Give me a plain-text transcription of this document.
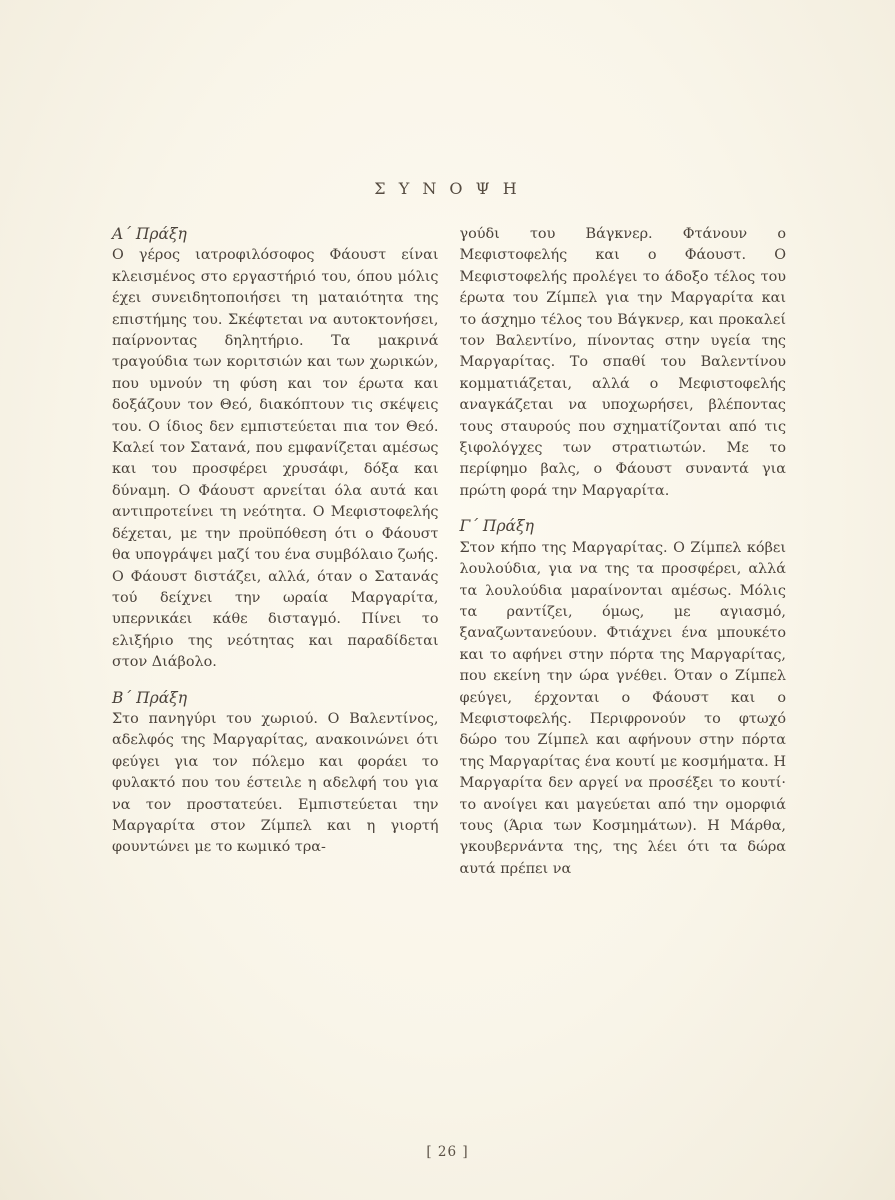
Σ Υ Ν Ο Ψ Η
Α´ Πράξη

Ο γέρος ιατροφιλόσοφος Φάουστ είναι κλεισμένος στο εργαστήριό του, όπου μόλις έχει συνειδητοποιήσει τη ματαιότητα της επιστήμης του. Σκέφτεται να αυτοκτονήσει, παίρνοντας δηλητήριο. Τα μακρινά τραγούδια των κοριτσιών και των χωρικών, που υμνούν τη φύση και τον έρωτα και δοξάζουν τον Θεό, διακόπτουν τις σκέψεις του. Ο ίδιος δεν εμπιστεύεται πια τον Θεό. Καλεί τον Σατανά, που εμφανίζεται αμέσως και του προσφέρει χρυσάφι, δόξα και δύναμη. Ο Φάουστ αρνείται όλα αυτά και αντιπροτείνει τη νεότητα. Ο Μεφιστοφελής δέχεται, με την προϋπόθεση ότι ο Φάουστ θα υπογράψει μαζί του ένα συμβόλαιο ζωής. Ο Φάουστ διστάζει, αλλά, όταν ο Σατανάς τού δείχνει την ωραία Μαργαρίτα, υπερνικάει κάθε δισταγμό. Πίνει το ελιξήριο της νεότητας και παραδίδεται στον Διάβολο.

Β´ Πράξη

Στο πανηγύρι του χωριού. Ο Βαλεντίνος, αδελφός της Μαργαρίτας, ανακοινώνει ότι φεύγει για τον πόλεμο και φοράει το φυλακτό που του έστειλε η αδελφή του για να τον προστατεύει. Εμπιστεύεται την Μαργαρίτα στον Ζίμπελ και η γιορτή φουντώνει με το κωμικό τρα-

γούδι του Βάγκνερ. Φτάνουν ο Μεφιστοφελής και ο Φάουστ. Ο Μεφιστοφελής προλέγει το άδοξο τέλος του έρωτα του Ζίμπελ για την Μαργαρίτα και το άσχημο τέλος του Βάγκνερ, και προκαλεί τον Βαλεντίνο, πίνοντας στην υγεία της Μαργαρίτας. Το σπαθί του Βαλεντίνου κομματιάζεται, αλλά ο Μεφιστοφελής αναγκάζεται να υποχωρήσει, βλέποντας τους σταυρούς που σχηματίζονται από τις ξιφολόγχες των στρατιωτών. Με το περίφημο βαλς, ο Φάουστ συναντά για πρώτη φορά την Μαργαρίτα.

Γ´ Πράξη

Στον κήπο της Μαργαρίτας. Ο Ζίμπελ κόβει λουλούδια, για να της τα προσφέρει, αλλά τα λουλούδια μαραίνονται αμέσως. Μόλις τα ραντίζει, όμως, με αγιασμό, ξαναζωντανεύουν. Φτιάχνει ένα μπουκέτο και το αφήνει στην πόρτα της Μαργαρίτας, που εκείνη την ώρα γνέθει. Όταν ο Ζίμπελ φεύγει, έρχονται ο Φάουστ και ο Μεφιστοφελής. Περιφρονούν το φτωχό δώρο του Ζίμπελ και αφήνουν στην πόρτα της Μαργαρίτας ένα κουτί με κοσμήματα. Η Μαργαρίτα δεν αργεί να προσέξει το κουτί· το ανοίγει και μαγεύεται από την ομορφιά τους (Άρια των Κοσμημάτων). Η Μάρθα, γκουβερνάντα της, της λέει ότι τα δώρα αυτά πρέπει να

[ 26 ]
